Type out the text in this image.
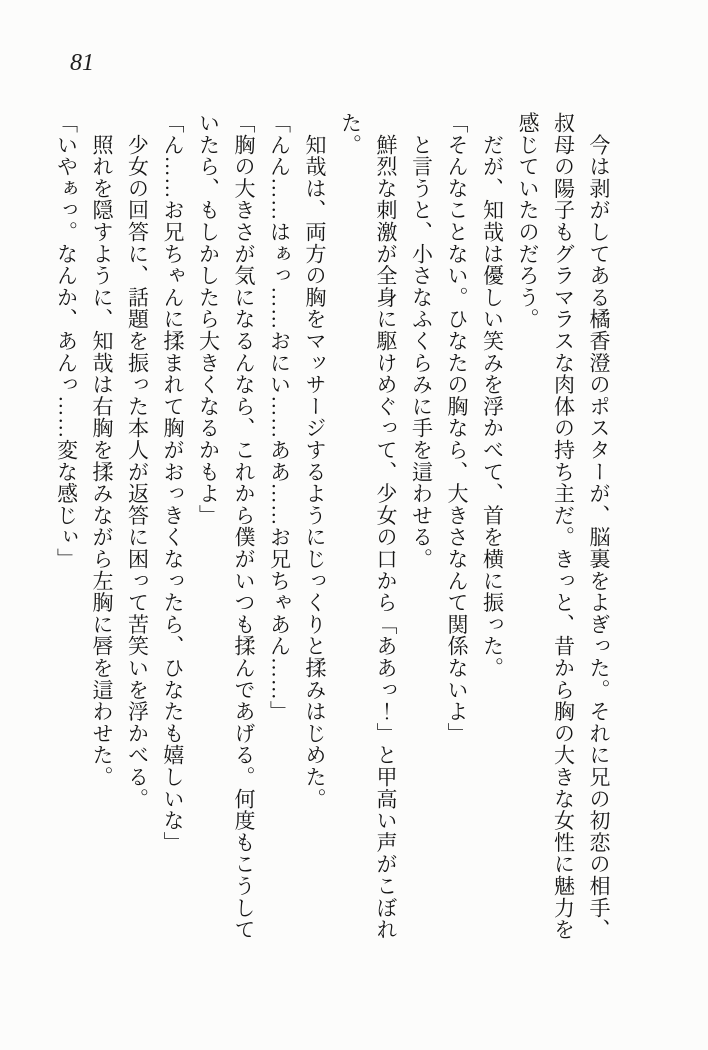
81
　今は剥がしてある橘香澄のポスターが、脳裏をよぎった。それに兄の初恋の相手、
叔母の陽子もグラマラスな肉体の持ち主だ。きっと、昔から胸の大きな女性に魅力を
感じていたのだろう。
　だが、知哉は優しい笑みを浮かべて、首を横に振った。
「そんなことない。ひなたの胸なら、大きさなんて関係ないよ」
　と言うと、小さなふくらみに手を這わせる。
　鮮烈な刺激が全身に駆けめぐって、少女の口から「ああっ！」と甲高い声がこぼれ
た。
　知哉は、両方の胸をマッサージするようにじっくりと揉みはじめた。
「んん……はぁっ……おにい……ああ……お兄ちゃあん……」
「胸の大きさが気になるんなら、これから僕がいつも揉んであげる。何度もこうして
いたら、もしかしたら大きくなるかもよ」
「ん……お兄ちゃんに揉まれて胸がおっきくなったら、ひなたも嬉しいな」
　少女の回答に、話題を振った本人が返答に困って苦笑いを浮かべる。
　照れを隠すように、知哉は右胸を揉みながら左胸に唇を這わせた。
「いやぁっ。なんか、あんっ……変な感じぃ」
